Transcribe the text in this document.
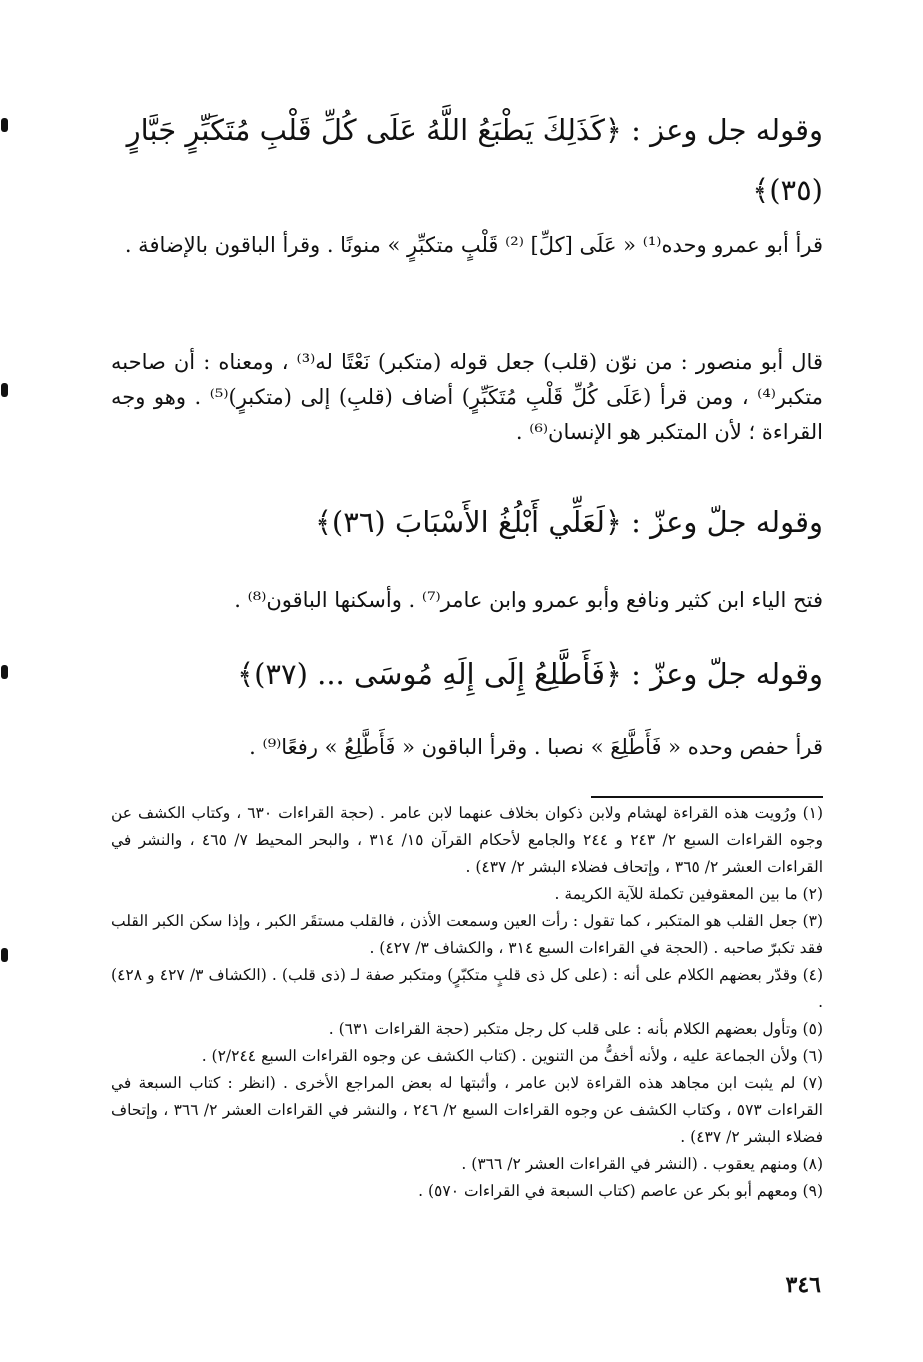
وقوله جل وعز : ﴿كَذَلِكَ يَطْبَعُ اللَّهُ عَلَى كُلِّ قَلْبِ مُتَكَبِّرٍ جَبَّارٍ (٣٥)﴾

قرأ أبو عمرو وحده⁽¹⁾ « عَلَى [كلِّ] ⁽²⁾ قَلْبٍ متكبِّرٍ » منونًا . وقرأ الباقون بالإضافة .

قال أبو منصور : من نوّن (قلب) جعل قوله (متكبر) نَعْتًا له⁽³⁾ ، ومعناه : أن صاحبه متكبر⁽⁴⁾ ، ومن قرأ (عَلَى كُلِّ قَلْبِ مُتَكَبِّرٍ) أضاف (قلبِ) إلى (متكبرٍ)⁽⁵⁾ . وهو وجه القراءة ؛ لأن المتكبر هو الإنسان⁽⁶⁾ .

وقوله جلّ وعزّ : ﴿لَعَلِّي أَبْلُغُ الأَسْبَابَ (٣٦)﴾

فتح الياء ابن كثير ونافع وأبو عمرو وابن عامر⁽⁷⁾ . وأسكنها الباقون⁽⁸⁾ .

وقوله جلّ وعزّ : ﴿فَأَطَّلِعُ إِلَى إِلَهِ مُوسَى ... (٣٧)﴾

قرأ حفص وحده « فَأَطَّلِعَ » نصبا . وقرأ الباقون « فَأَطَّلِعُ » رفعًا⁽⁹⁾ .

(١) ورُويت هذه القراءة لهشام ولابن ذكوان بخلاف عنهما لابن عامر . (حجة القراءات ٦٣٠ ، وكتاب الكشف عن وجوه القراءات السبع ٢/ ٢٤٣ و ٢٤٤ والجامع لأحكام القرآن ١٥/ ٣١٤ ، والبحر المحيط ٧/ ٤٦٥ ، والنشر في القراءات العشر ٢/ ٣٦٥ ، وإتحاف فضلاء البشر ٢/ ٤٣٧) .
(٢) ما بين المعقوفين تكملة للآية الكريمة .
(٣) جعل القلب هو المتكبر ، كما تقول : رأت العين وسمعت الأذن ، فالقلب مستقَر الكبر ، وإذا سكن الكبر القلب فقد تكبرّ صاحبه . (الحجة في القراءات السبع ٣١٤ ، والكشاف ٣/ ٤٢٧) .
(٤) وقدّر بعضهم الكلام على أنه : (على كل ذى قلبٍ متكبّرٍ) ومتكبر صفة لـ (ذى قلب) . (الكشاف ٣/ ٤٢٧ و ٤٢٨) .
(٥) وتأول بعضهم الكلام بأنه : على قلب كل رجل متكبر (حجة القراءات ٦٣١) .
(٦) ولأن الجماعة عليه ، ولأنه أخفُّ من التنوين . (كتاب الكشف عن وجوه القراءات السبع ٢/٢٤٤) .
(٧) لم يثبت ابن مجاهد هذه القراءة لابن عامر ، وأثبتها له بعض المراجع الأخرى . (انظر : كتاب السبعة في القراءات ٥٧٣ ، وكتاب الكشف عن وجوه القراءات السبع ٢/ ٢٤٦ ، والنشر في القراءات العشر ٢/ ٣٦٦ ، وإتحاف فضلاء البشر ٢/ ٤٣٧) .
(٨) ومنهم يعقوب . (النشر في القراءات العشر ٢/ ٣٦٦) .
(٩) ومعهم أبو بكر عن عاصم (كتاب السبعة في القراءات ٥٧٠) .
٣٤٦
